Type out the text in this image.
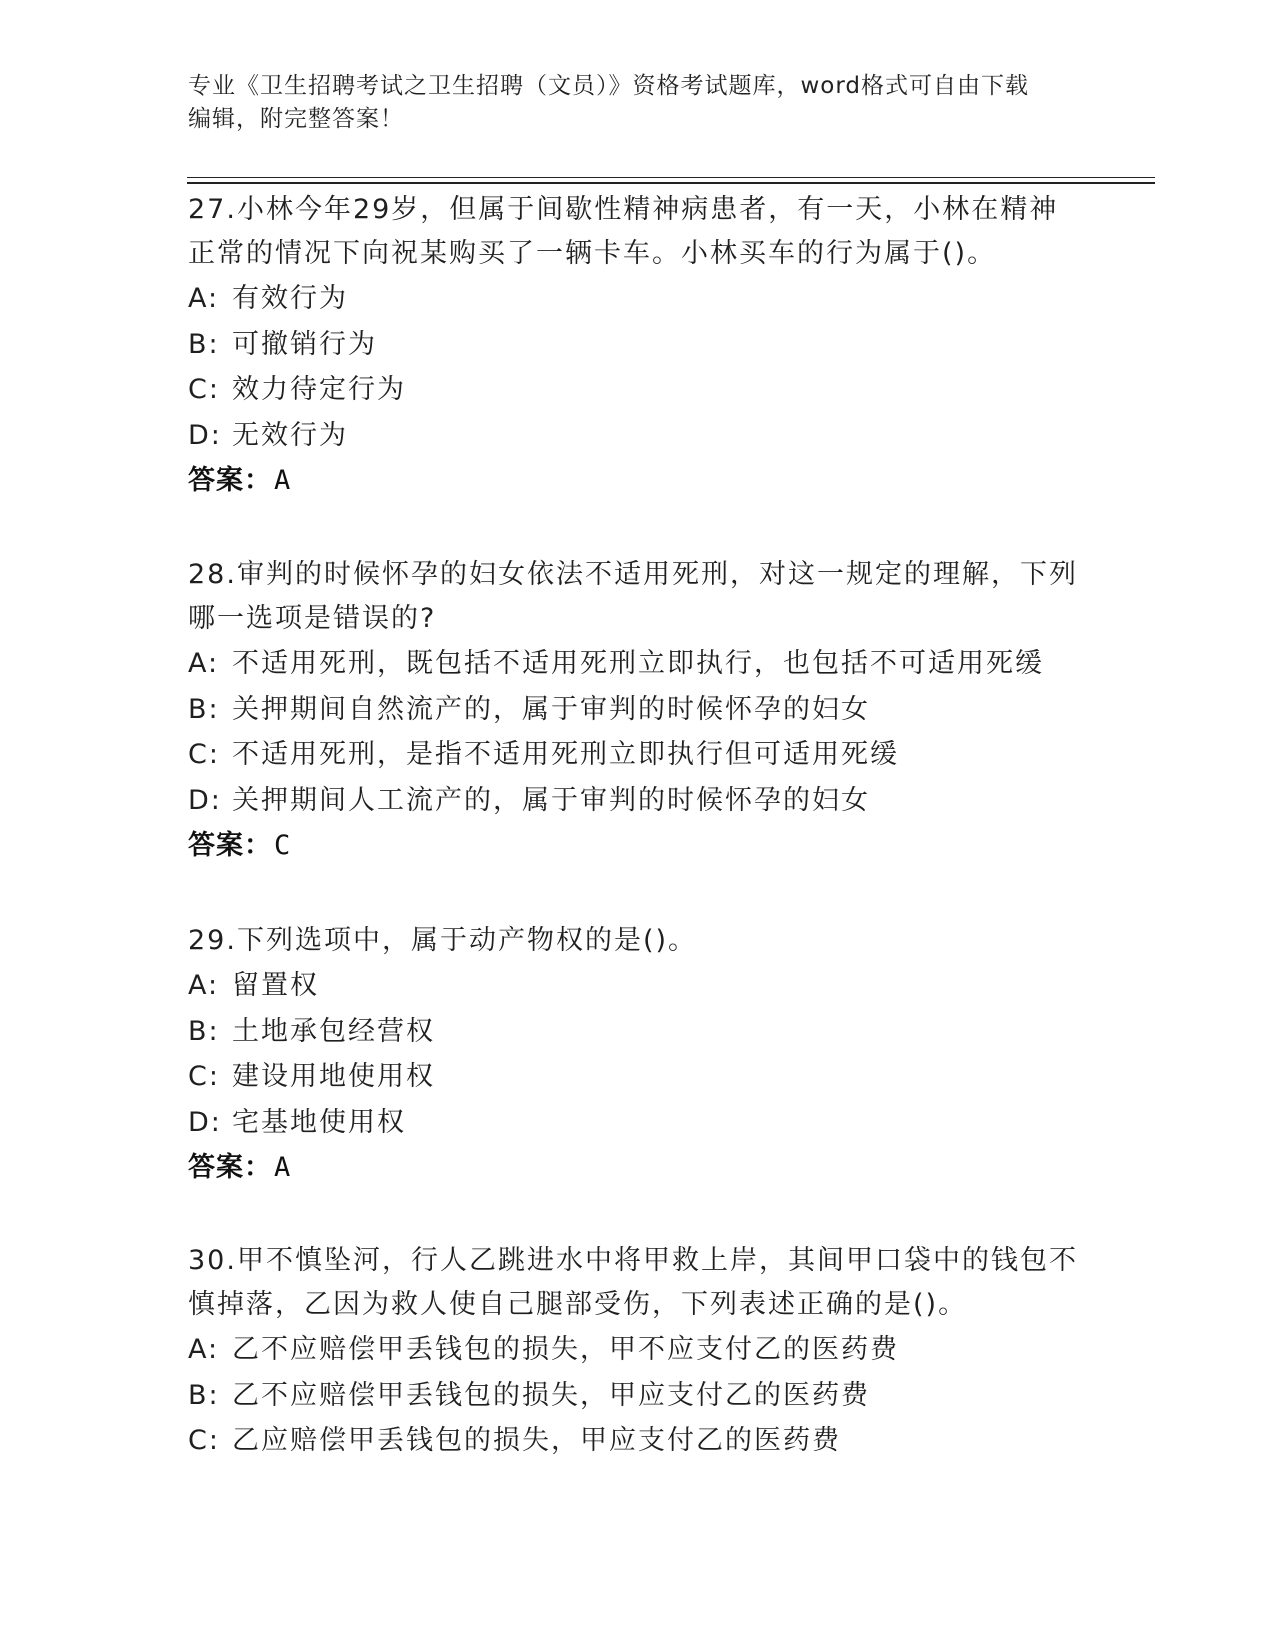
专业《卫生招聘考试之卫生招聘（文员）》资格考试题库，word格式可自由下载
编辑，附完整答案！
27.小林今年29岁，但属于间歇性精神病患者，有一天，小林在精神
正常的情况下向祝某购买了一辆卡车。小林买车的行为属于()。
A: 有效行为
B: 可撤销行为
C: 效力待定行为
D: 无效行为
答案：A
28.审判的时候怀孕的妇女依法不适用死刑，对这一规定的理解，下列
哪一选项是错误的?
A: 不适用死刑，既包括不适用死刑立即执行，也包括不可适用死缓
B: 关押期间自然流产的，属于审判的时候怀孕的妇女
C: 不适用死刑，是指不适用死刑立即执行但可适用死缓
D: 关押期间人工流产的，属于审判的时候怀孕的妇女
答案：C
29.下列选项中，属于动产物权的是()。
A: 留置权
B: 土地承包经营权
C: 建设用地使用权
D: 宅基地使用权
答案：A
30.甲不慎坠河，行人乙跳进水中将甲救上岸，其间甲口袋中的钱包不
慎掉落，乙因为救人使自己腿部受伤，下列表述正确的是()。
A: 乙不应赔偿甲丢钱包的损失，甲不应支付乙的医药费
B: 乙不应赔偿甲丢钱包的损失，甲应支付乙的医药费
C: 乙应赔偿甲丢钱包的损失，甲应支付乙的医药费
